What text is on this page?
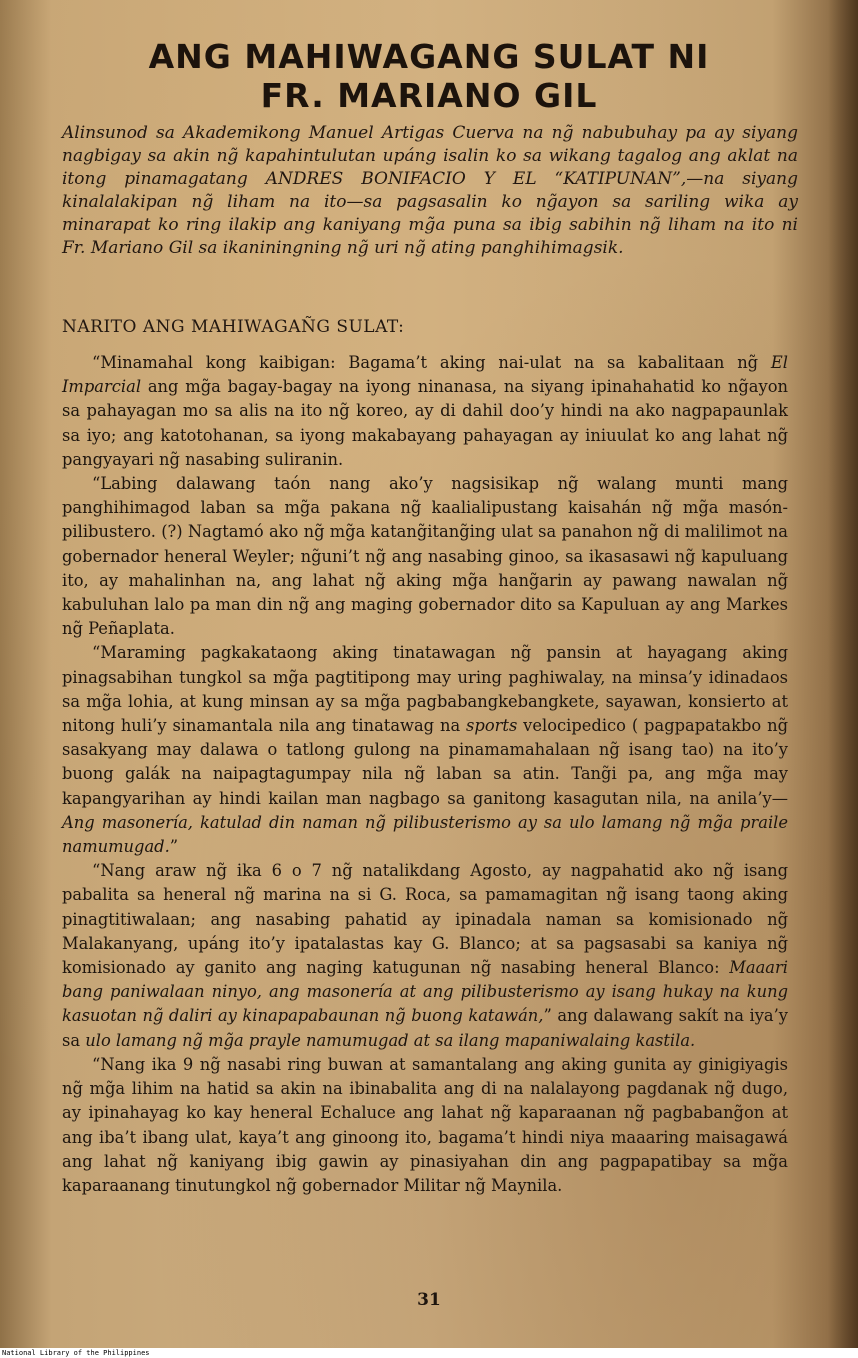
ANG MAHIWAGANG SULAT NI
FR. MARIANO GIL
Alinsunod sa Akademikong Manuel Artigas Cuerva na ng̃ nabubuhay pa ay siyang nagbigay sa akin ng̃ kapahintulutan upáng isalin ko sa wikang tagalog ang aklat na itong pinamagatang ANDRES BONIFACIO Y EL “KATIPUNAN”,—na siyang kinalalakipan ng̃ liham na ito—sa pagsasalin ko ng̃ayon sa sariling wika ay minarapat ko ring ilakip ang kaniyang mg̃a puna sa ibig sabihin ng̃ liham na ito ni Fr. Mariano Gil sa ikaniningning ng̃ uri ng̃ ating panghihimagsik.
NARITO ANG MAHIWAGAÑG SULAT:

“Minamahal kong kaibigan: Bagama’t aking nai-ulat na sa kabalitaan ng̃ El Imparcial ang mg̃a bagay-bagay na iyong ninanasa, na siyang ipinahahatid ko ng̃ayon sa pahayagan mo sa alis na ito ng̃ koreo, ay di dahil doo’y hindi na ako nagpapaunlak sa iyo; ang katotohanan, sa iyong makabayang pahayagan ay iniuulat ko ang lahat ng̃ pangyayari ng̃ nasabing suliranin.

“Labing dalawang taón nang ako’y nagsisikap ng̃ walang munti mang panghihimagod laban sa mg̃a pakana ng̃ kaalialipustang kaisahán ng̃ mg̃a masón-pilibustero. (?) Nagtamó ako ng̃ mg̃a katang̃itang̃ing ulat sa panahon ng̃ di malilimot na gobernador heneral Weyler; ng̃uni’t ng̃ ang nasabing ginoo, sa ikasasawi ng̃ kapuluang ito, ay mahalinhan na, ang lahat ng̃ aking mg̃a hang̃arin ay pawang nawalan ng̃ kabuluhan lalo pa man din ng̃ ang maging gobernador dito sa Kapuluan ay ang Markes ng̃ Peñaplata.

“Maraming pagkakataong aking tinatawagan ng̃ pansin at hayagang aking pinagsabihan tungkol sa mg̃a pagtitipong may uring paghiwalay, na minsa’y idinadaos sa mg̃a lohia, at kung minsan ay sa mg̃a pagbabangkebangkete, sayawan, konsierto at nitong huli’y sinamantala nila ang tinatawag na sports velocipedico ( pagpapatakbo ng̃ sasakyang may dalawa o tatlong gulong na pinamamahalaan ng̃ isang tao) na ito’y buong galák na naipagtagumpay nila ng̃ laban sa atin. Tang̃i pa, ang mg̃a may kapangyarihan ay hindi kailan man nagbago sa ganitong kasagutan nila, na anila’y—Ang masonería, katulad din naman ng̃ pilibusterismo ay sa ulo lamang ng̃ mg̃a praile namumugad.”

“Nang araw ng̃ ika 6 o 7 ng̃ natalikdang Agosto, ay nagpahatid ako ng̃ isang pabalita sa heneral ng̃ marina na si G. Roca, sa pamamagitan ng̃ isang taong aking pinagtitiwalaan; ang nasabing pahatid ay ipinadala naman sa komisionado ng̃ Malakanyang, upáng ito’y ipatalastas kay G. Blanco; at sa pagsasabi sa kaniya ng̃ komisionado ay ganito ang naging katugunan ng̃ nasabing heneral Blanco: Maaari bang paniwalaan ninyo, ang masonería at ang pilibusterismo ay isang hukay na kung kasuotan ng̃ daliri ay kinapapabaunan ng̃ buong katawán,” ang dalawang sakít na iya’y sa ulo lamang ng̃ mg̃a prayle namumugad at sa ilang mapaniwalaing kastila.

“Nang ika 9 ng̃ nasabi ring buwan at samantalang ang aking gunita ay ginigiyagis ng̃ mg̃a lihim na hatid sa akin na ibinabalita ang di na nalalayong pagdanak ng̃ dugo, ay ipinahayag ko kay heneral Echaluce ang lahat ng̃ kaparaanan ng̃ pagbabang̃on at ang iba’t ibang ulat, kaya’t ang ginoong ito, bagama’t hindi niya maaaring maisagawá ang lahat ng̃ kaniyang ibig gawin ay pinasiyahan din ang pagpapatibay sa mg̃a kaparaanang tinutungkol ng̃ gobernador Militar ng̃ Maynila.

31
National Library of the Philippines
